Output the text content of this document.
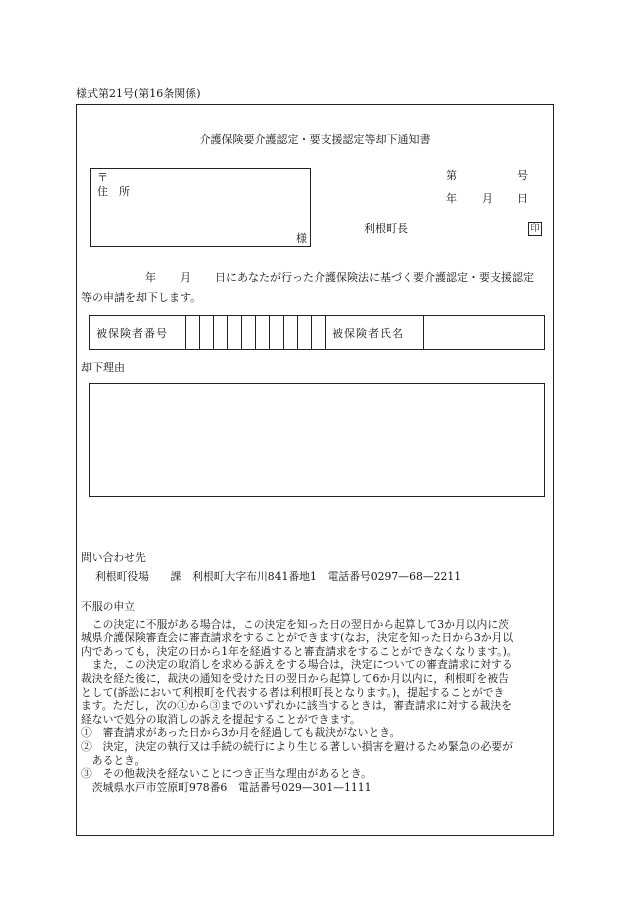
様式第21号(第16条関係)
介護保険要介護認定・要支援認定等却下通知書
〒
住　所
様
第	号
年 月 日
利根町長	印
年 月 日にあなたが行った介護保険法に基づく要介護認定・要支援認定
等の申請を却下します。
被保険者番号	被保険者氏名
却下理由

問い合わせ先

利根町役場　　課　利根町大字布川841番地1　電話番号0297—68—2211

不服の申立

　この決定に不服がある場合は，この決定を知った日の翌日から起算して3か月以内に茨

城県介護保険審査会に審査請求をすることができます(なお，決定を知った日から3か月以

内であっても，決定の日から1年を経過すると審査請求をすることができなくなります。)。

　また，この決定の取消しを求める訴えをする場合は，決定についての審査請求に対する

裁決を経た後に，裁決の通知を受けた日の翌日から起算して6か月以内に，利根町を被告

として(訴訟において利根町を代表する者は利根町長となります。)，提起することができ

ます。ただし，次の①から③までのいずれかに該当するときは，審査請求に対する裁決を

経ないで処分の取消しの訴えを提起することができます。

①　審査請求があった日から3か月を経過しても裁決がないとき。

②　決定，決定の執行又は手続の続行により生じる著しい損害を避けるため緊急の必要が

　あるとき。

③　その他裁決を経ないことにつき正当な理由があるとき。

　茨城県水戸市笠原町978番6　電話番号029—301—1111
